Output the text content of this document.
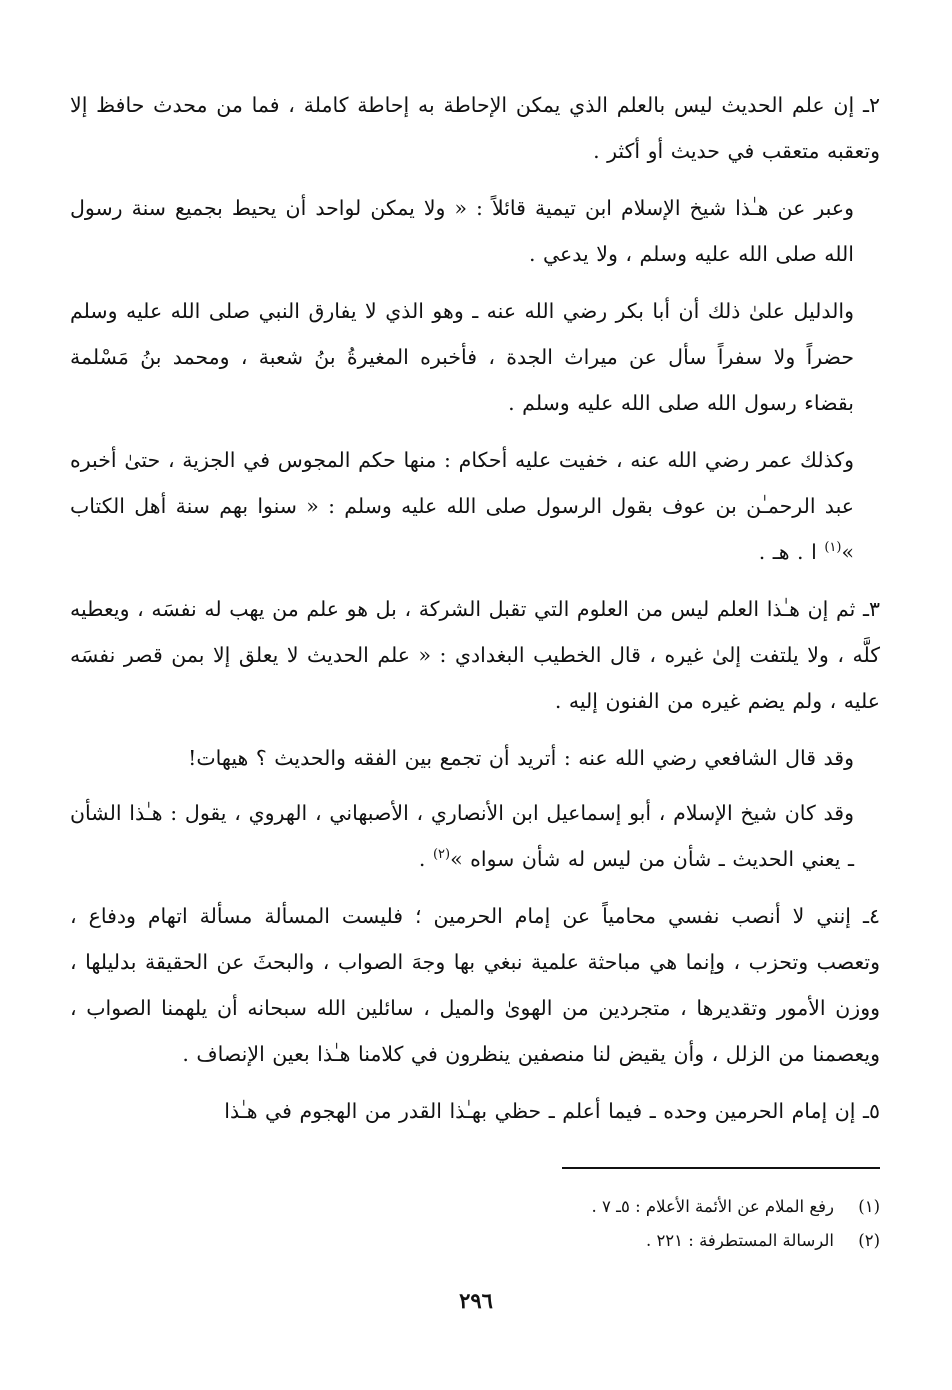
٢ـ إن علم الحديث ليس بالعلم الذي يمكن الإحاطة به إحاطة كاملة ، فما من محدث حافظ إلا وتعقبه متعقب في حديث أو أكثر .

وعبر عن هـٰذا شيخ الإسلام ابن تيمية قائلاً : « ولا يمكن لواحد أن يحيط بجميع سنة رسول الله صلى الله عليه وسلم ، ولا يدعي .

والدليل علىٰ ذلك أن أبا بكر رضي الله عنه ـ وهو الذي لا يفارق النبي صلى الله عليه وسلم حضراً ولا سفراً سأل عن ميراث الجدة ، فأخبره المغيرةُ بنُ شعبة ، ومحمد بنُ مَسْلمة بقضاء رسول الله صلى الله عليه وسلم .

وكذلك عمر رضي الله عنه ، خفيت عليه أحكام : منها حكم المجوس في الجزية ، حتىٰ أخبره عبد الرحمـٰن بن عوف بقول الرسول صلى الله عليه وسلم : « سنوا بهم سنة أهل الكتاب »$^{(١)}$ ا . هـ .

٣ـ ثم إن هـٰذا العلم ليس من العلوم التي تقبل الشركة ، بل هو علم من يهب له نفسَه ، ويعطيه كلَّه ، ولا يلتفت إلىٰ غيره ، قال الخطيب البغدادي : « علم الحديث لا يعلق إلا بمن قصر نفسَه عليه ، ولم يضم غيره من الفنون إليه .

وقد قال الشافعي رضي الله عنه : أتريد أن تجمع بين الفقه والحديث ؟ هيهات!

وقد كان شيخ الإسلام ، أبو إسماعيل ابن الأنصاري ، الأصبهاني ، الهروي ، يقول : هـٰذا الشأن ـ يعني الحديث ـ شأن من ليس له شأن سواه »$^{(٢)}$ .

٤ـ إنني لا أنصب نفسي محامياً عن إمام الحرمين ؛ فليست المسألة مسألة اتهام ودفاع ، وتعصب وتحزب ، وإنما هي مباحثة علمية نبغي بها وجهَ الصواب ، والبحثَ عن الحقيقة بدليلها ، ووزن الأمور وتقديرها ، متجردين من الهوىٰ والميل ، سائلين الله سبحانه أن يلهمنا الصواب ، ويعصمنا من الزلل ، وأن يقيض لنا منصفين ينظرون في كلامنا هـٰذا بعين الإنصاف .

٥ـ إن إمام الحرمين وحده ـ فيما أعلم ـ حظي بهـٰذا القدر من الهجوم في هـٰذا

(١)رفع الملام عن الأئمة الأعلام : ٥ـ ٧ .
(٢)الرسالة المستطرفة : ٢٢١ .
٢٩٦
